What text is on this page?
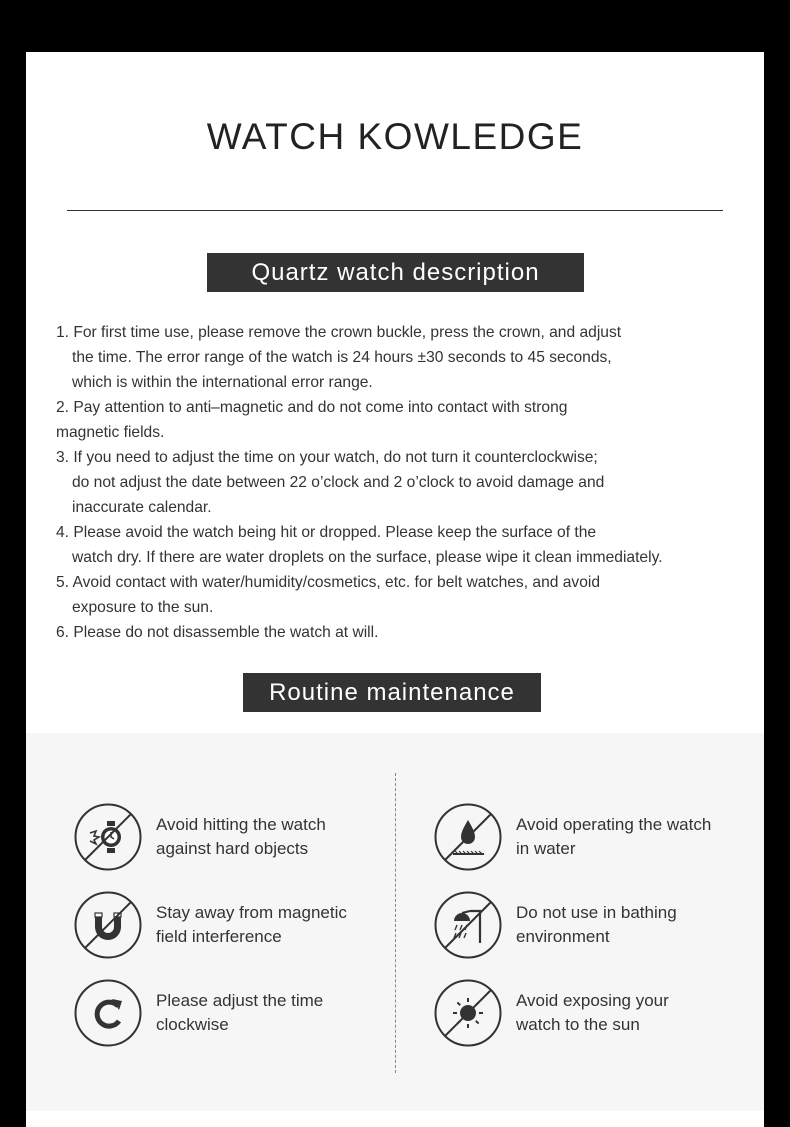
WATCH KOWLEDGE
Quartz watch description
1. For first time use, please remove the crown buckle, press the crown, and adjust
the time. The error range of the watch is 24 hours ±30 seconds to 45 seconds,
which is within the international error range.
2. Pay attention to anti–magnetic and do not come into contact with strong
magnetic fields.
3. If you need to adjust the time on your watch, do not turn it counterclockwise;
do not adjust the date between 22 o’clock and 2 o’clock to avoid damage and
inaccurate calendar.
4. Please avoid the watch being hit or dropped. Please keep the surface of the
watch dry. If there are water droplets on the surface, please wipe it clean immediately.
5. Avoid contact with water/humidity/cosmetics, etc. for belt watches, and avoid
exposure to the sun.
6. Please do not disassemble the watch at will.
Routine maintenance
Avoid hitting the watch
against hard objects
Avoid operating the watch
in water
Stay away from magnetic
field interference
Do not use in bathing
environment
Please adjust the time
clockwise
Avoid exposing your
watch to the sun
